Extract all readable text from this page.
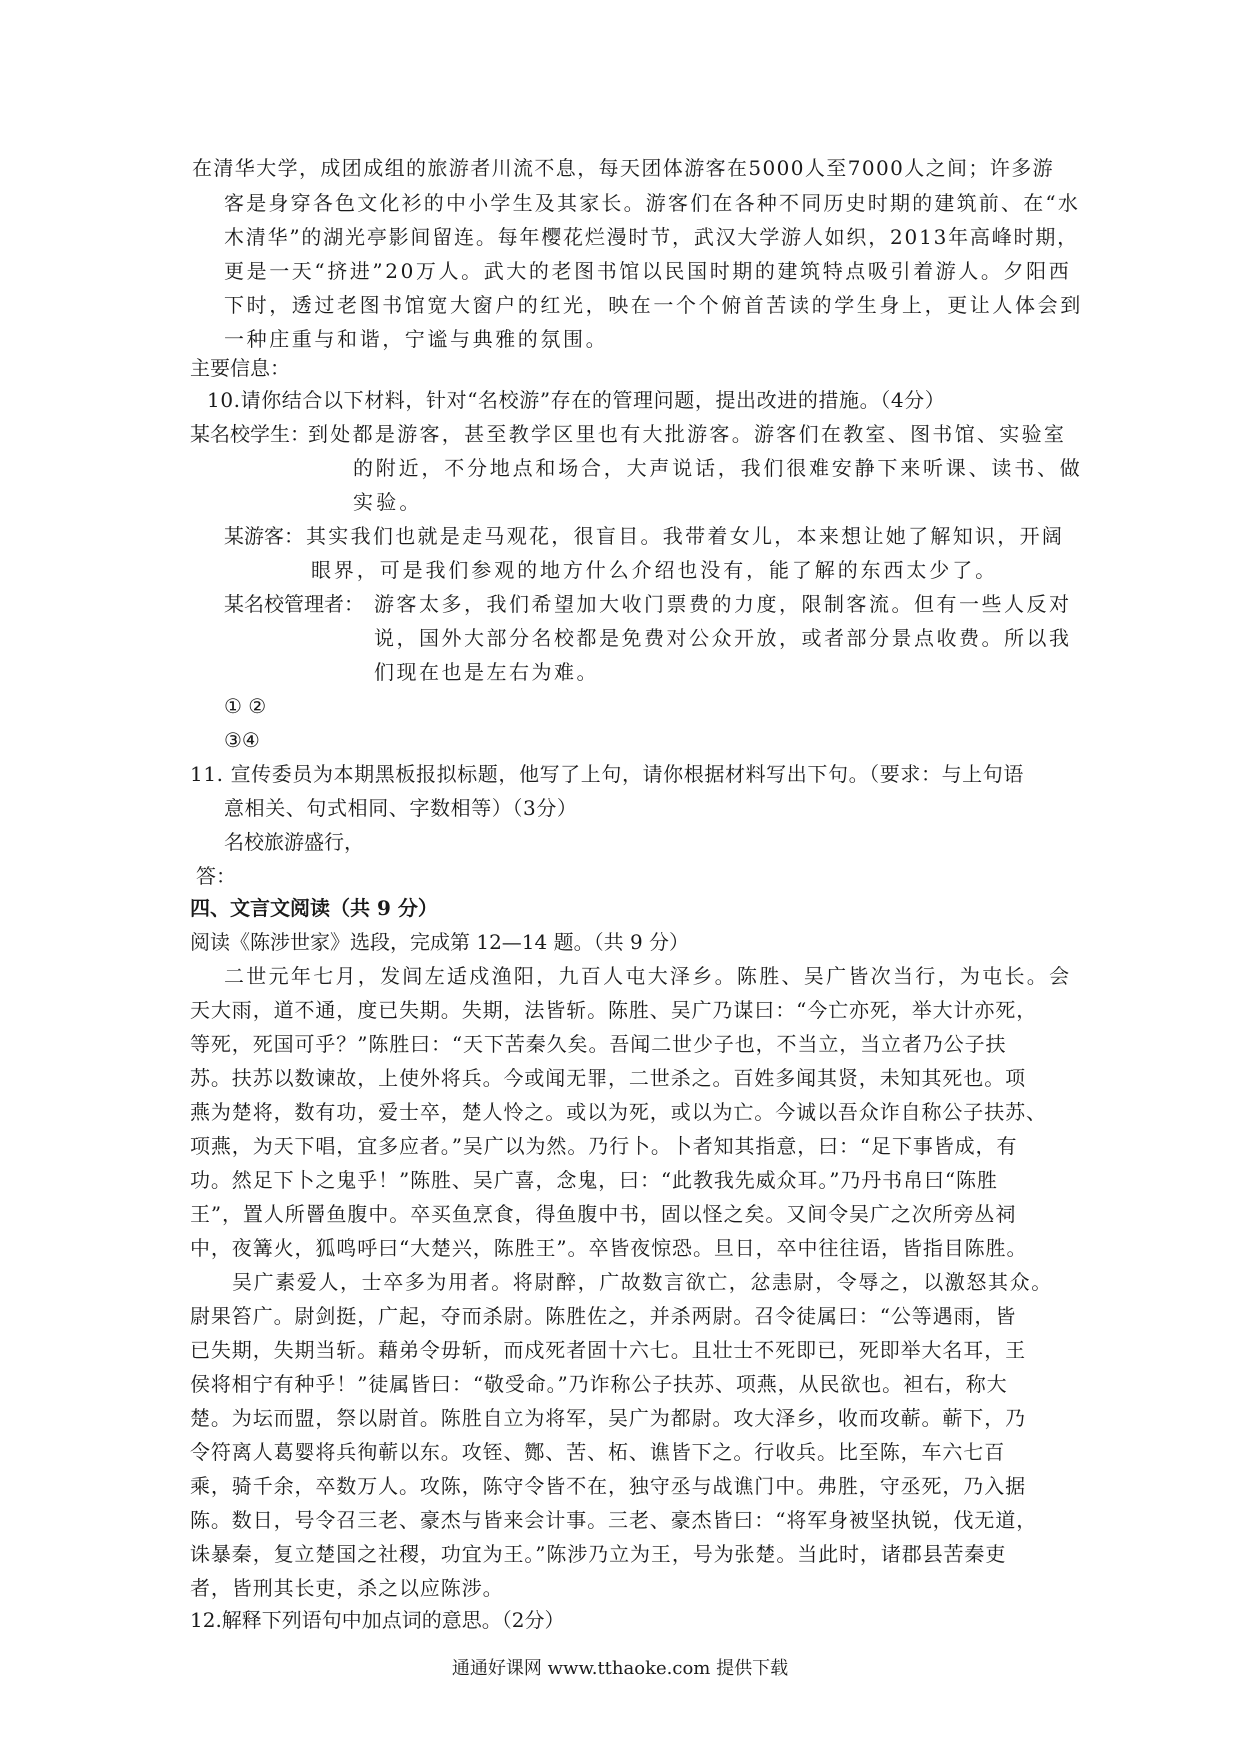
在清华大学，成团成组的旅游者川流不息，每天团体游客在5000人至7000人之间；许多游
客是身穿各色文化衫的中小学生及其家长。游客们在各种不同历史时期的建筑前、在“水
木清华”的湖光亭影间留连。每年樱花烂漫时节，武汉大学游人如织，2013年高峰时期，
更是一天“挤进”20万人。武大的老图书馆以民国时期的建筑特点吸引着游人。夕阳西
下时，透过老图书馆宽大窗户的红光，映在一个个俯首苦读的学生身上，更让人体会到
一种庄重与和谐，宁谧与典雅的氛围。
主要信息：
10.请你结合以下材料，针对“名校游”存在的管理问题，提出改进的措施。（4分）
某名校学生：
到处都是游客，甚至教学区里也有大批游客。游客们在教室、图书馆、实验室
的附近，不分地点和场合，大声说话，我们很难安静下来听课、读书、做
实验。
某游客： 其实我们也就是走马观花，很盲目。我带着女儿，本来想让她了解知识，开阔
眼界，可是我们参观的地方什么介绍也没有，能了解的东西太少了。
某名校管理者： 游客太多，我们希望加大收门票费的力度，限制客流。但有一些人反对
说，国外大部分名校都是免费对公众开放，或者部分景点收费。所以我
们现在也是左右为难。
① ②
③④
11. 宣传委员为本期黑板报拟标题，他写了上句，请你根据材料写出下句。（要求：与上句语
意相关、句式相同、字数相等）（3分）
名校旅游盛行，
答：
四、文言文阅读（共 9 分）
阅读《陈涉世家》选段，完成第 12—14 题。（共 9 分）
二世元年七月，发闾左适戍渔阳，九百人屯大泽乡。陈胜、吴广皆次当行，为屯长。会
天大雨，道不通，度已失期。失期，法皆斩。陈胜、吴广乃谋曰：“今亡亦死，举大计亦死，
等死，死国可乎？”陈胜曰：“天下苦秦久矣。吾闻二世少子也，不当立，当立者乃公子扶
苏。扶苏以数谏故，上使外将兵。今或闻无罪，二世杀之。百姓多闻其贤，未知其死也。项
燕为楚将，数有功，爱士卒，楚人怜之。或以为死，或以为亡。今诚以吾众诈自称公子扶苏、
项燕，为天下唱，宜多应者。”吴广以为然。乃行卜。卜者知其指意，曰：“足下事皆成，有
功。然足下卜之鬼乎！”陈胜、吴广喜，念鬼，曰：“此教我先威众耳。”乃丹书帛曰“陈胜
王”，置人所罾鱼腹中。卒买鱼烹食，得鱼腹中书，固以怪之矣。又间令吴广之次所旁丛祠
中，夜篝火，狐鸣呼曰“大楚兴，陈胜王”。卒皆夜惊恐。旦日，卒中往往语，皆指目陈胜。
吴广素爱人，士卒多为用者。将尉醉，广故数言欲亡，忿恚尉，令辱之，以激怒其众。
尉果笞广。尉剑挺，广起，夺而杀尉。陈胜佐之，并杀两尉。召令徒属曰：“公等遇雨，皆
已失期，失期当斩。藉弟令毋斩，而戍死者固十六七。且壮士不死即已，死即举大名耳，王
侯将相宁有种乎！”徒属皆曰：“敬受命。”乃诈称公子扶苏、项燕，从民欲也。袒右，称大
楚。为坛而盟，祭以尉首。陈胜自立为将军，吴广为都尉。攻大泽乡，收而攻蕲。蕲下，乃
令符离人葛婴将兵徇蕲以东。攻铚、酂、苦、柘、谯皆下之。行收兵。比至陈，车六七百
乘，骑千余，卒数万人。攻陈，陈守令皆不在，独守丞与战谯门中。弗胜，守丞死，乃入据
陈。数日，号令召三老、豪杰与皆来会计事。三老、豪杰皆曰：“将军身被坚执锐，伐无道，
诛暴秦，复立楚国之社稷，功宜为王。”陈涉乃立为王，号为张楚。当此时，诸郡县苦秦吏
者，皆刑其长吏，杀之以应陈涉。
12.解释下列语句中加点词的意思。（2分）
通通好课网 www.tthaoke.com 提供下载
